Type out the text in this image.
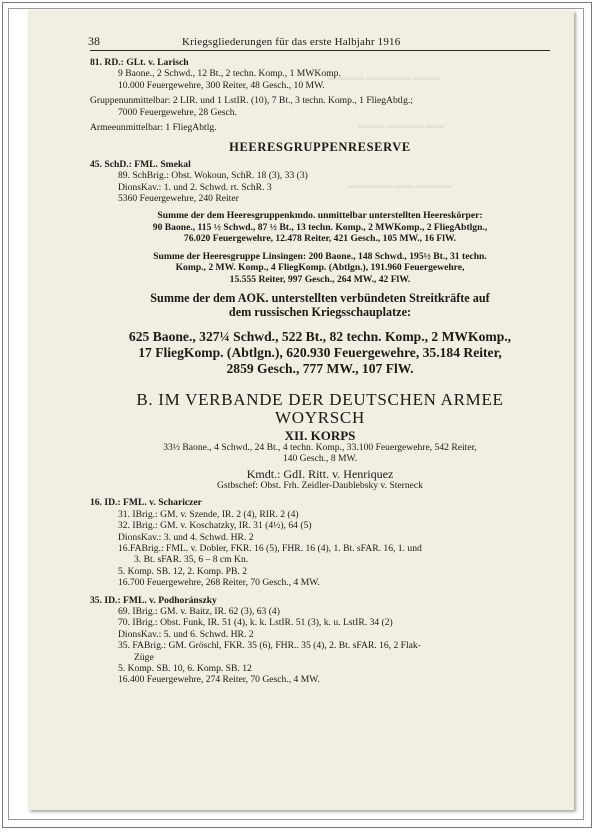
▬▬▬▬ ▬▬▬▬▬ ▬▬▬
▬▬▬ ▬▬▬▬ ▬▬
▬▬▬▬▬ ▬▬ ▬▬▬▬
38	Kriegsgliederungen für das erste Halbjahr 1916
81. RD.: GLt. v. Larisch
9 Baone., 2 Schwd., 12 Bt., 2 techn. Komp., 1 MWKomp.
10.000 Feuergewehre, 300 Reiter, 48 Gesch., 10 MW.
Gruppenunmittelbar: 2 LIR. und 1 LstIR. (10), 7 Bt., 3 techn. Komp., 1 FliegAbtlg.;
7000 Feuergewehre, 28 Gesch.
Armeeunmittelbar: 1 FliegAbtlg.
HEERESGRUPPENRESERVE
45. SchD.: FML. Smekal
89. SchBrig.: Obst. Wokoun, SchR. 18 (3), 33 (3)
DionsKav.: 1. und 2. Schwd. rt. SchR. 3
5360 Feuergewehre, 240 Reiter
Summe der dem Heeresgruppenkmdo. unmittelbar unterstellten Heereskörper:
90 Baone., 115 ½ Schwd., 87 ½ Bt., 13 techn. Komp., 2 MWKomp., 2 FliegAbtlgn.,
76.020 Feuergewehre, 12.478 Reiter, 421 Gesch., 105 MW., 16 FlW.
Summe der Heeresgruppe Linsingen: 200 Baone., 148 Schwd., 195½ Bt., 31 techn.
Komp., 2 MW. Komp., 4 FliegKomp. (Abtlgn.), 191.960 Feuergewehre,
15.555 Reiter, 997 Gesch., 264 MW., 42 FlW.
Summe der dem AOK. unterstellten verbündeten Streitkräfte auf
dem russischen Kriegsschauplatze:
625 Baone., 327¼ Schwd., 522 Bt., 82 techn. Komp., 2 MWKomp.,
17 FliegKomp. (Abtlgn.), 620.930 Feuergewehre, 35.184 Reiter,
2859 Gesch., 777 MW., 107 FlW.
B. IM VERBANDE DER DEUTSCHEN ARMEE
WOYRSCH
XII. KORPS
33½ Baone., 4 Schwd., 24 Bt., 4 techn. Komp., 33.100 Feuergewehre, 542 Reiter,
140 Gesch., 8 MW.
Kmdt.: GdI. Ritt. v. Henriquez
Gstbschef: Obst. Frh. Zeidler-Daublebsky v. Sterneck
16. ID.: FML. v. Schariczer
31. IBrig.: GM. v. Szende, IR. 2 (4), RIR. 2 (4)
32. IBrig.: GM. v. Koschatzky, IR. 31 (4½), 64 (5)
DionsKav.: 3. und 4. Schwd. HR. 2
16.FABrig.: FML. v. Dobler, FKR. 16 (5), FHR. 16 (4), 1. Bt. sFAR. 16, 1. und
3. Bt. sFAR. 35, 6 – 8 cm Kn.
5. Komp. SB. 12, 2. Komp. PB. 2
16.700 Feuergewehre, 268 Reiter, 70 Gesch., 4 MW.
35. ID.: FML. v. Podhoránszky
69. IBrig.: GM. v. Baitz, IR. 62 (3), 63 (4)
70. IBrig.: Obst. Funk, IR. 51 (4), k. k. LstIR. 51 (3), k. u. LstIR. 34 (2)
DionsKav.: 5. und 6. Schwd. HR. 2
35. FABrig.: GM. Gröschl, FKR. 35 (6), FHR.. 35 (4), 2. Bt. sFAR. 16, 2 Flak-
Züge
5. Komp. SB. 10, 6. Komp. SB. 12
16.400 Feuergewehre, 274 Reiter, 70 Gesch., 4 MW.
